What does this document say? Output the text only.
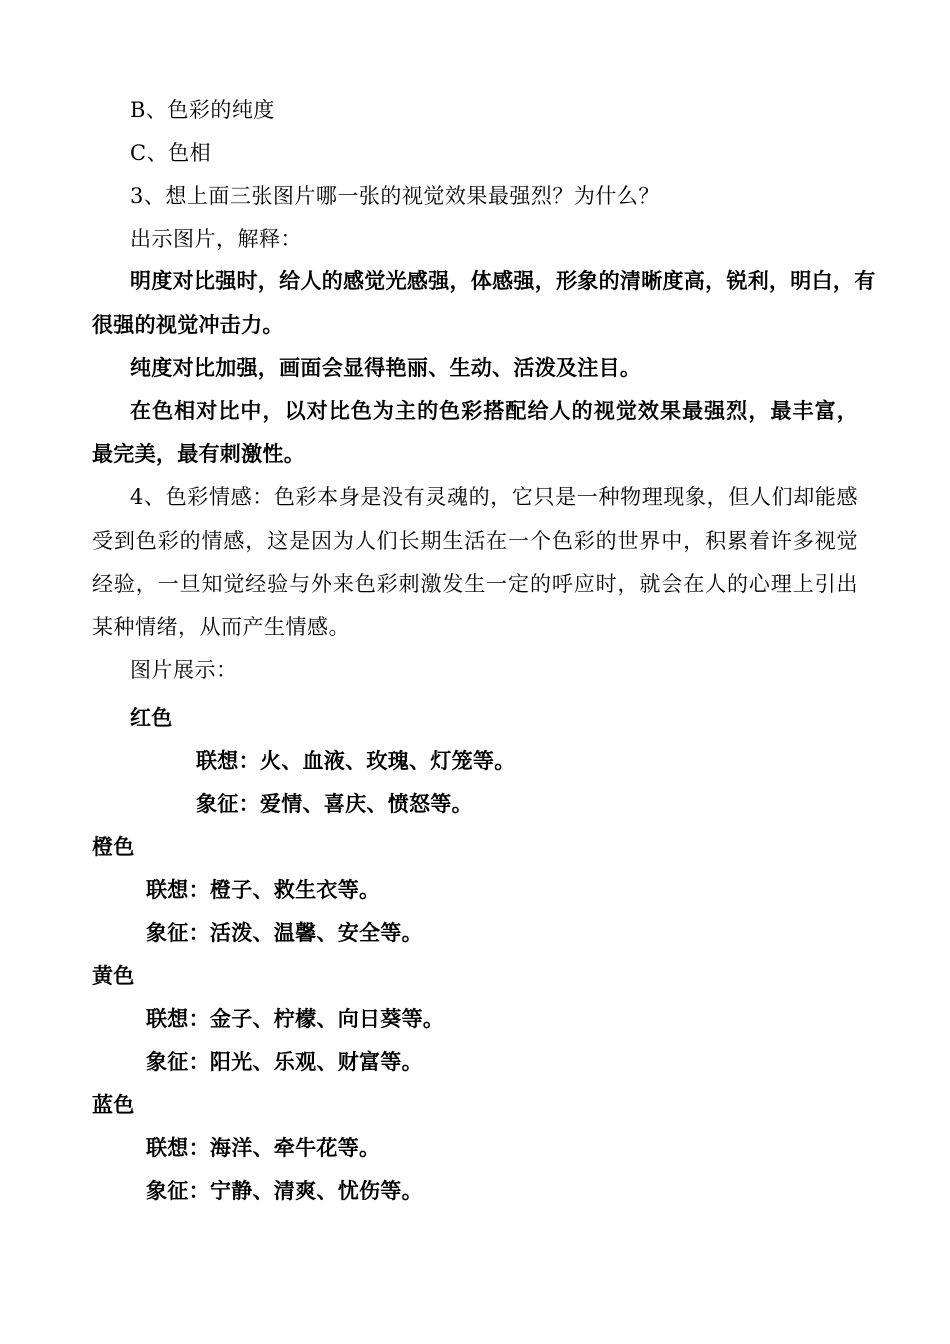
B、色彩的纯度
C、色相
3、想上面三张图片哪一张的视觉效果最强烈？为什么？
出示图片，解释：
明度对比强时，给人的感觉光感强，体感强，形象的清晰度高，锐利，明白，有
很强的视觉冲击力。
纯度对比加强，画面会显得艳丽、生动、活泼及注目。
在色相对比中，以对比色为主的色彩搭配给人的视觉效果最强烈，最丰富，
最完美，最有刺激性。
4、色彩情感：色彩本身是没有灵魂的，它只是一种物理现象，但人们却能感
受到色彩的情感，这是因为人们长期生活在一个色彩的世界中，积累着许多视觉
经验，一旦知觉经验与外来色彩刺激发生一定的呼应时，就会在人的心理上引出
某种情绪，从而产生情感。
图片展示：
红色
联想：火、血液、玫瑰、灯笼等。
象征：爱情、喜庆、愤怒等。
橙色
联想：橙子、救生衣等。
象征：活泼、温馨、安全等。
黄色
联想：金子、柠檬、向日葵等。
象征：阳光、乐观、财富等。
蓝色
联想：海洋、牵牛花等。
象征：宁静、清爽、忧伤等。
